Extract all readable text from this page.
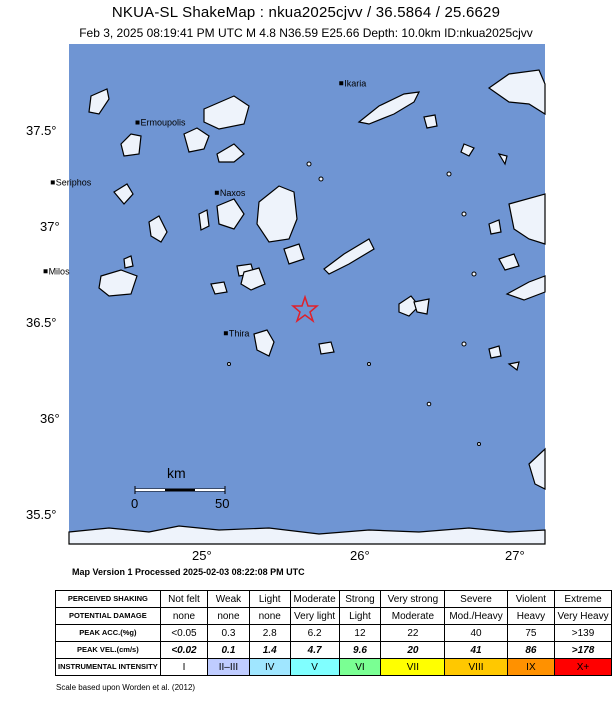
NKUA-SL ShakeMap : nkua2025cjvv / 36.5864 / 25.6629
Feb 3, 2025 08:19:41 PM UTC M 4.8 N36.59 E25.66 Depth: 10.0km ID:nkua2025cjvv
37.5°
37°
36.5°
36°
35.5°
km
0	50
Ikaria
Ermoupolis
Seriphos
Naxos
Milos
Thira
25°	26°	27°
Map Version 1 Processed 2025-02-03 08:22:08 PM UTC
PERCEIVED SHAKING	Not felt	Weak	Light	Moderate	Strong	Very strong	Severe	Violent	Extreme
POTENTIAL DAMAGE	none	none	none	Very light	Light	Moderate	Mod./Heavy	Heavy	Very Heavy
PEAK ACC.(%g)	<0.05	0.3	2.8	6.2	12	22	40	75	>139
PEAK VEL.(cm/s)	<0.02	0.1	1.4	4.7	9.6	20	41	86	>178
INSTRUMENTAL INTENSITY	I	II–III	IV	V	VI	VII	VIII	IX	X+
Scale based upon Worden et al. (2012)
